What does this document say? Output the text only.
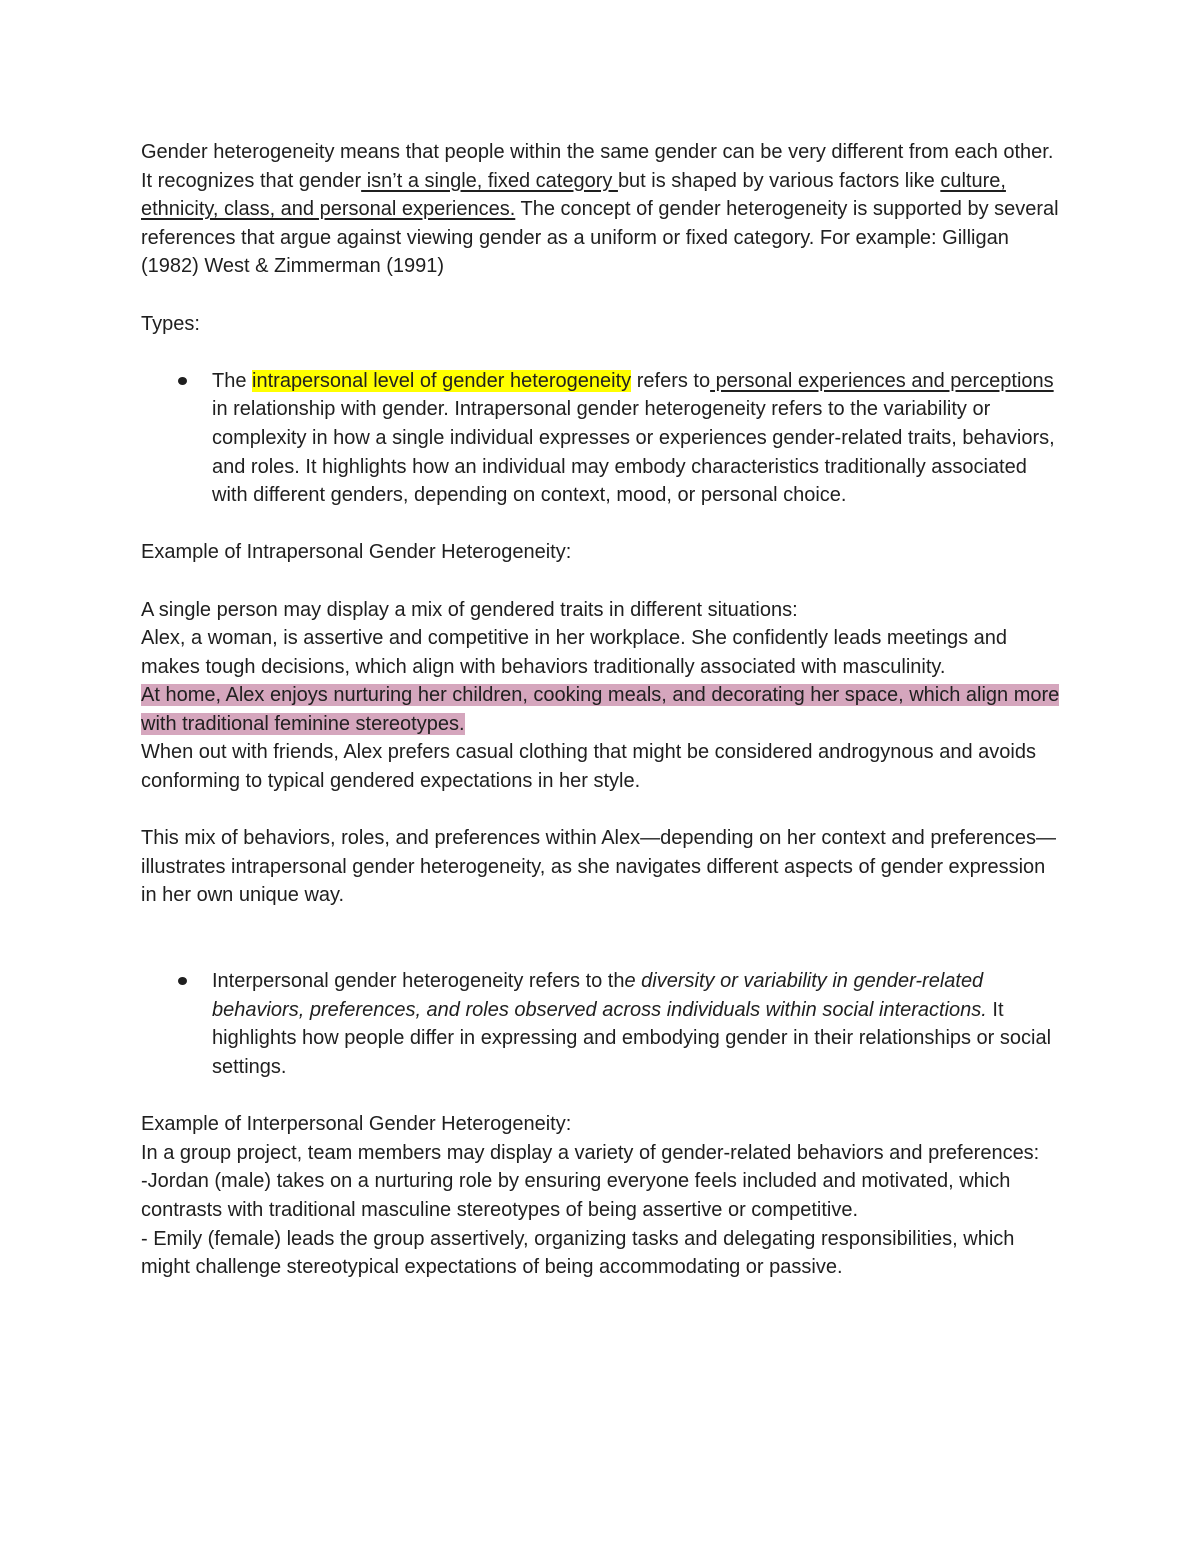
Gender heterogeneity means that people within the same gender can be very different from each other. It recognizes that gender isn’t a single, fixed category but is shaped by various factors like culture, ethnicity, class, and personal experiences. The concept of gender heterogeneity is supported by several references that argue against viewing gender as a uniform or fixed category. For example: Gilligan (1982) West & Zimmerman (1991)

Types:

The intrapersonal level of gender heterogeneity refers to personal experiences and perceptions in relationship with gender. Intrapersonal gender heterogeneity refers to the variability or complexity in how a single individual expresses or experiences gender-related traits, behaviors, and roles. It highlights how an individual may embody characteristics traditionally associated with different genders, depending on context, mood, or personal choice.

Example of Intrapersonal Gender Heterogeneity:

A single person may display a mix of gendered traits in different situations:

Alex, a woman, is assertive and competitive in her workplace. She confidently leads meetings and makes tough decisions, which align with behaviors traditionally associated with masculinity.

At home, Alex enjoys nurturing her children, cooking meals, and decorating her space, which align more with traditional feminine stereotypes.

When out with friends, Alex prefers casual clothing that might be considered androgynous and avoids conforming to typical gendered expectations in her style.

This mix of behaviors, roles, and preferences within Alex—depending on her context and preferences—illustrates intrapersonal gender heterogeneity, as she navigates different aspects of gender expression in her own unique way.

Interpersonal gender heterogeneity refers to the diversity or variability in gender-related behaviors, preferences, and roles observed across individuals within social interactions. It highlights how people differ in expressing and embodying gender in their relationships or social settings.

Example of Interpersonal Gender Heterogeneity:

In a group project, team members may display a variety of gender-related behaviors and preferences:

-Jordan (male) takes on a nurturing role by ensuring everyone feels included and motivated, which contrasts with traditional masculine stereotypes of being assertive or competitive.

- Emily (female) leads the group assertively, organizing tasks and delegating responsibilities, which might challenge stereotypical expectations of being accommodating or passive.
